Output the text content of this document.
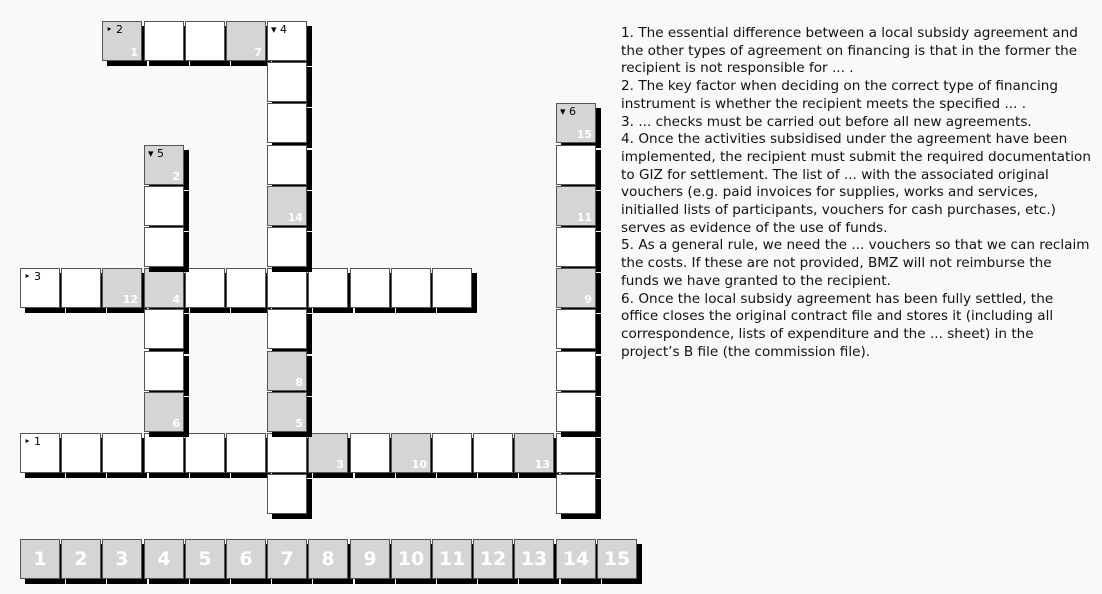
‣ 1
3	10	13
‣ 2
1	7
‣ 3
12	4
▾ 4
14
8
5
▾ 5
2
6
▾ 6
15
11
9
1	2	3	4	5	6	7	8	9	10 11 12 13 14 15

1. The essential difference between a local subsidy agreement and the other types of agreement on financing is that in the former the recipient is not responsible for ... .

2. The key factor when deciding on the correct type of financing instrument is whether the recipient meets the specified ... .

3. ... checks must be carried out before all new agreements.

4. Once the activities subsidised under the agreement have been implemented, the recipient must submit the required documentation to GIZ for settlement. The list of ... with the associated original vouchers (e.g. paid invoices for supplies, works and services, initialled lists of participants, vouchers for cash purchases, etc.) serves as evidence of the use of funds.

5. As a general rule, we need the ... vouchers so that we can reclaim the costs. If these are not provided, BMZ will not reimburse the funds we have granted to the recipient.

6. Once the local subsidy agreement has been fully settled, the office closes the original contract file and stores it (including all correspondence, lists of expenditure and the ... sheet) in the project’s B file (the commission file).
